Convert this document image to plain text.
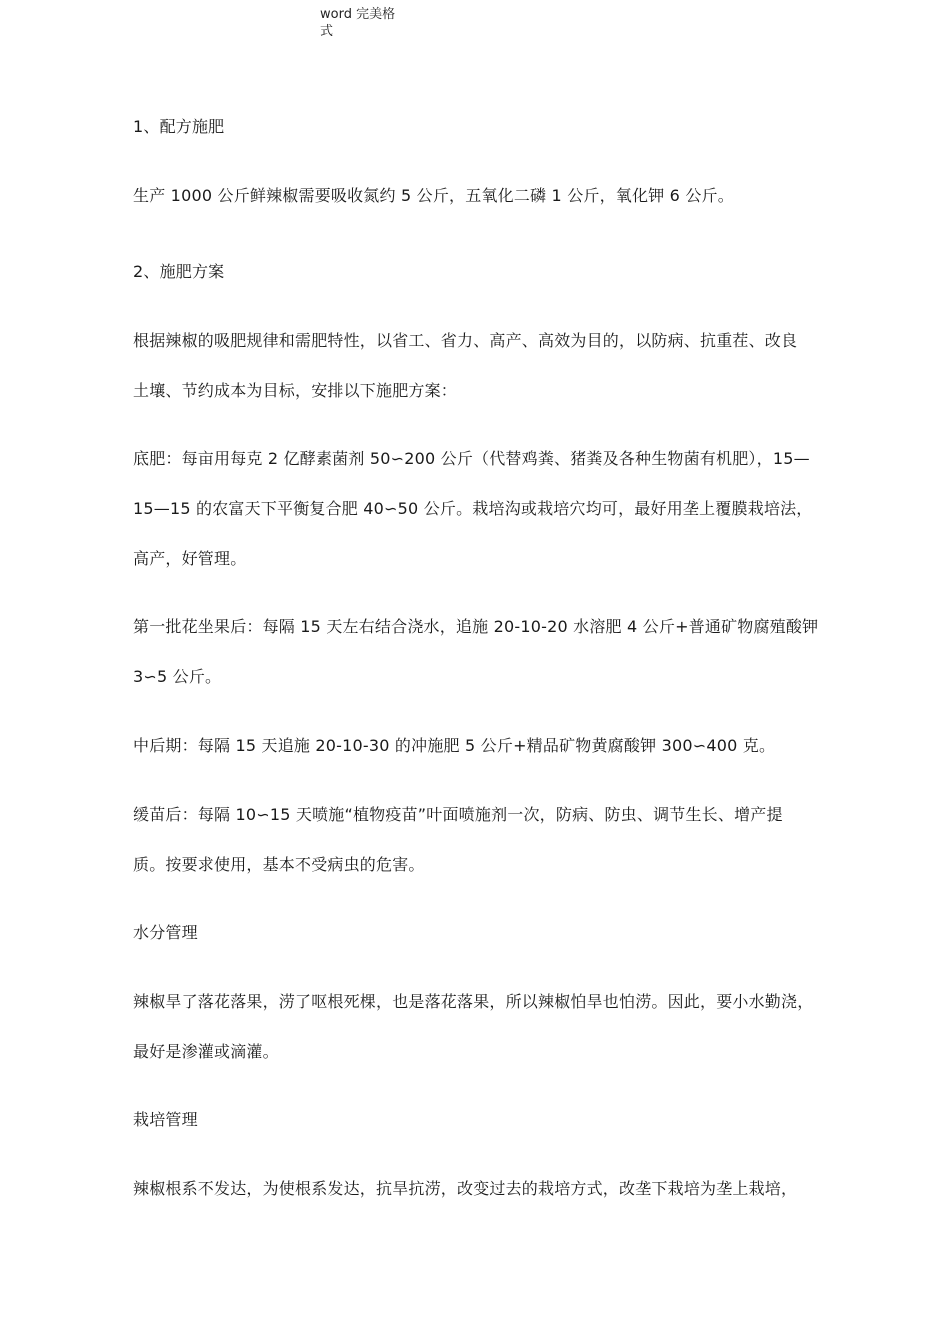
word 完美格
式
1、配方施肥
生产 1000 公斤鲜辣椒需要吸收氮约 5 公斤，五氧化二磷 1 公斤，氧化钾 6 公斤。
2、施肥方案
根据辣椒的吸肥规律和需肥特性，以省工、省力、高产、高效为目的，以防病、抗重茬、改良
土壤、节约成本为目标，安排以下施肥方案：
底肥：每亩用每克 2 亿酵素菌剂 50∽200 公斤（代替鸡粪、猪粪及各种生物菌有机肥），15—
15—15 的农富天下平衡复合肥 40∽50 公斤。栽培沟或栽培穴均可，最好用垄上覆膜栽培法，
高产，好管理。
第一批花坐果后：每隔 15 天左右结合浇水，追施 20-10-20 水溶肥 4 公斤+普通矿物腐殖酸钾
3∽5 公斤。
中后期：每隔 15 天追施 20-10-30 的冲施肥 5 公斤+精品矿物黄腐酸钾 300∽400 克。
缓苗后：每隔 10∽15 天喷施“植物疫苗”叶面喷施剂一次，防病、防虫、调节生长、增产提
质。按要求使用，基本不受病虫的危害。
水分管理
辣椒旱了落花落果，涝了呕根死棵，也是落花落果，所以辣椒怕旱也怕涝。因此，要小水勤浇，
最好是渗灌或滴灌。
栽培管理
辣椒根系不发达，为使根系发达，抗旱抗涝，改变过去的栽培方式，改垄下栽培为垄上栽培，
